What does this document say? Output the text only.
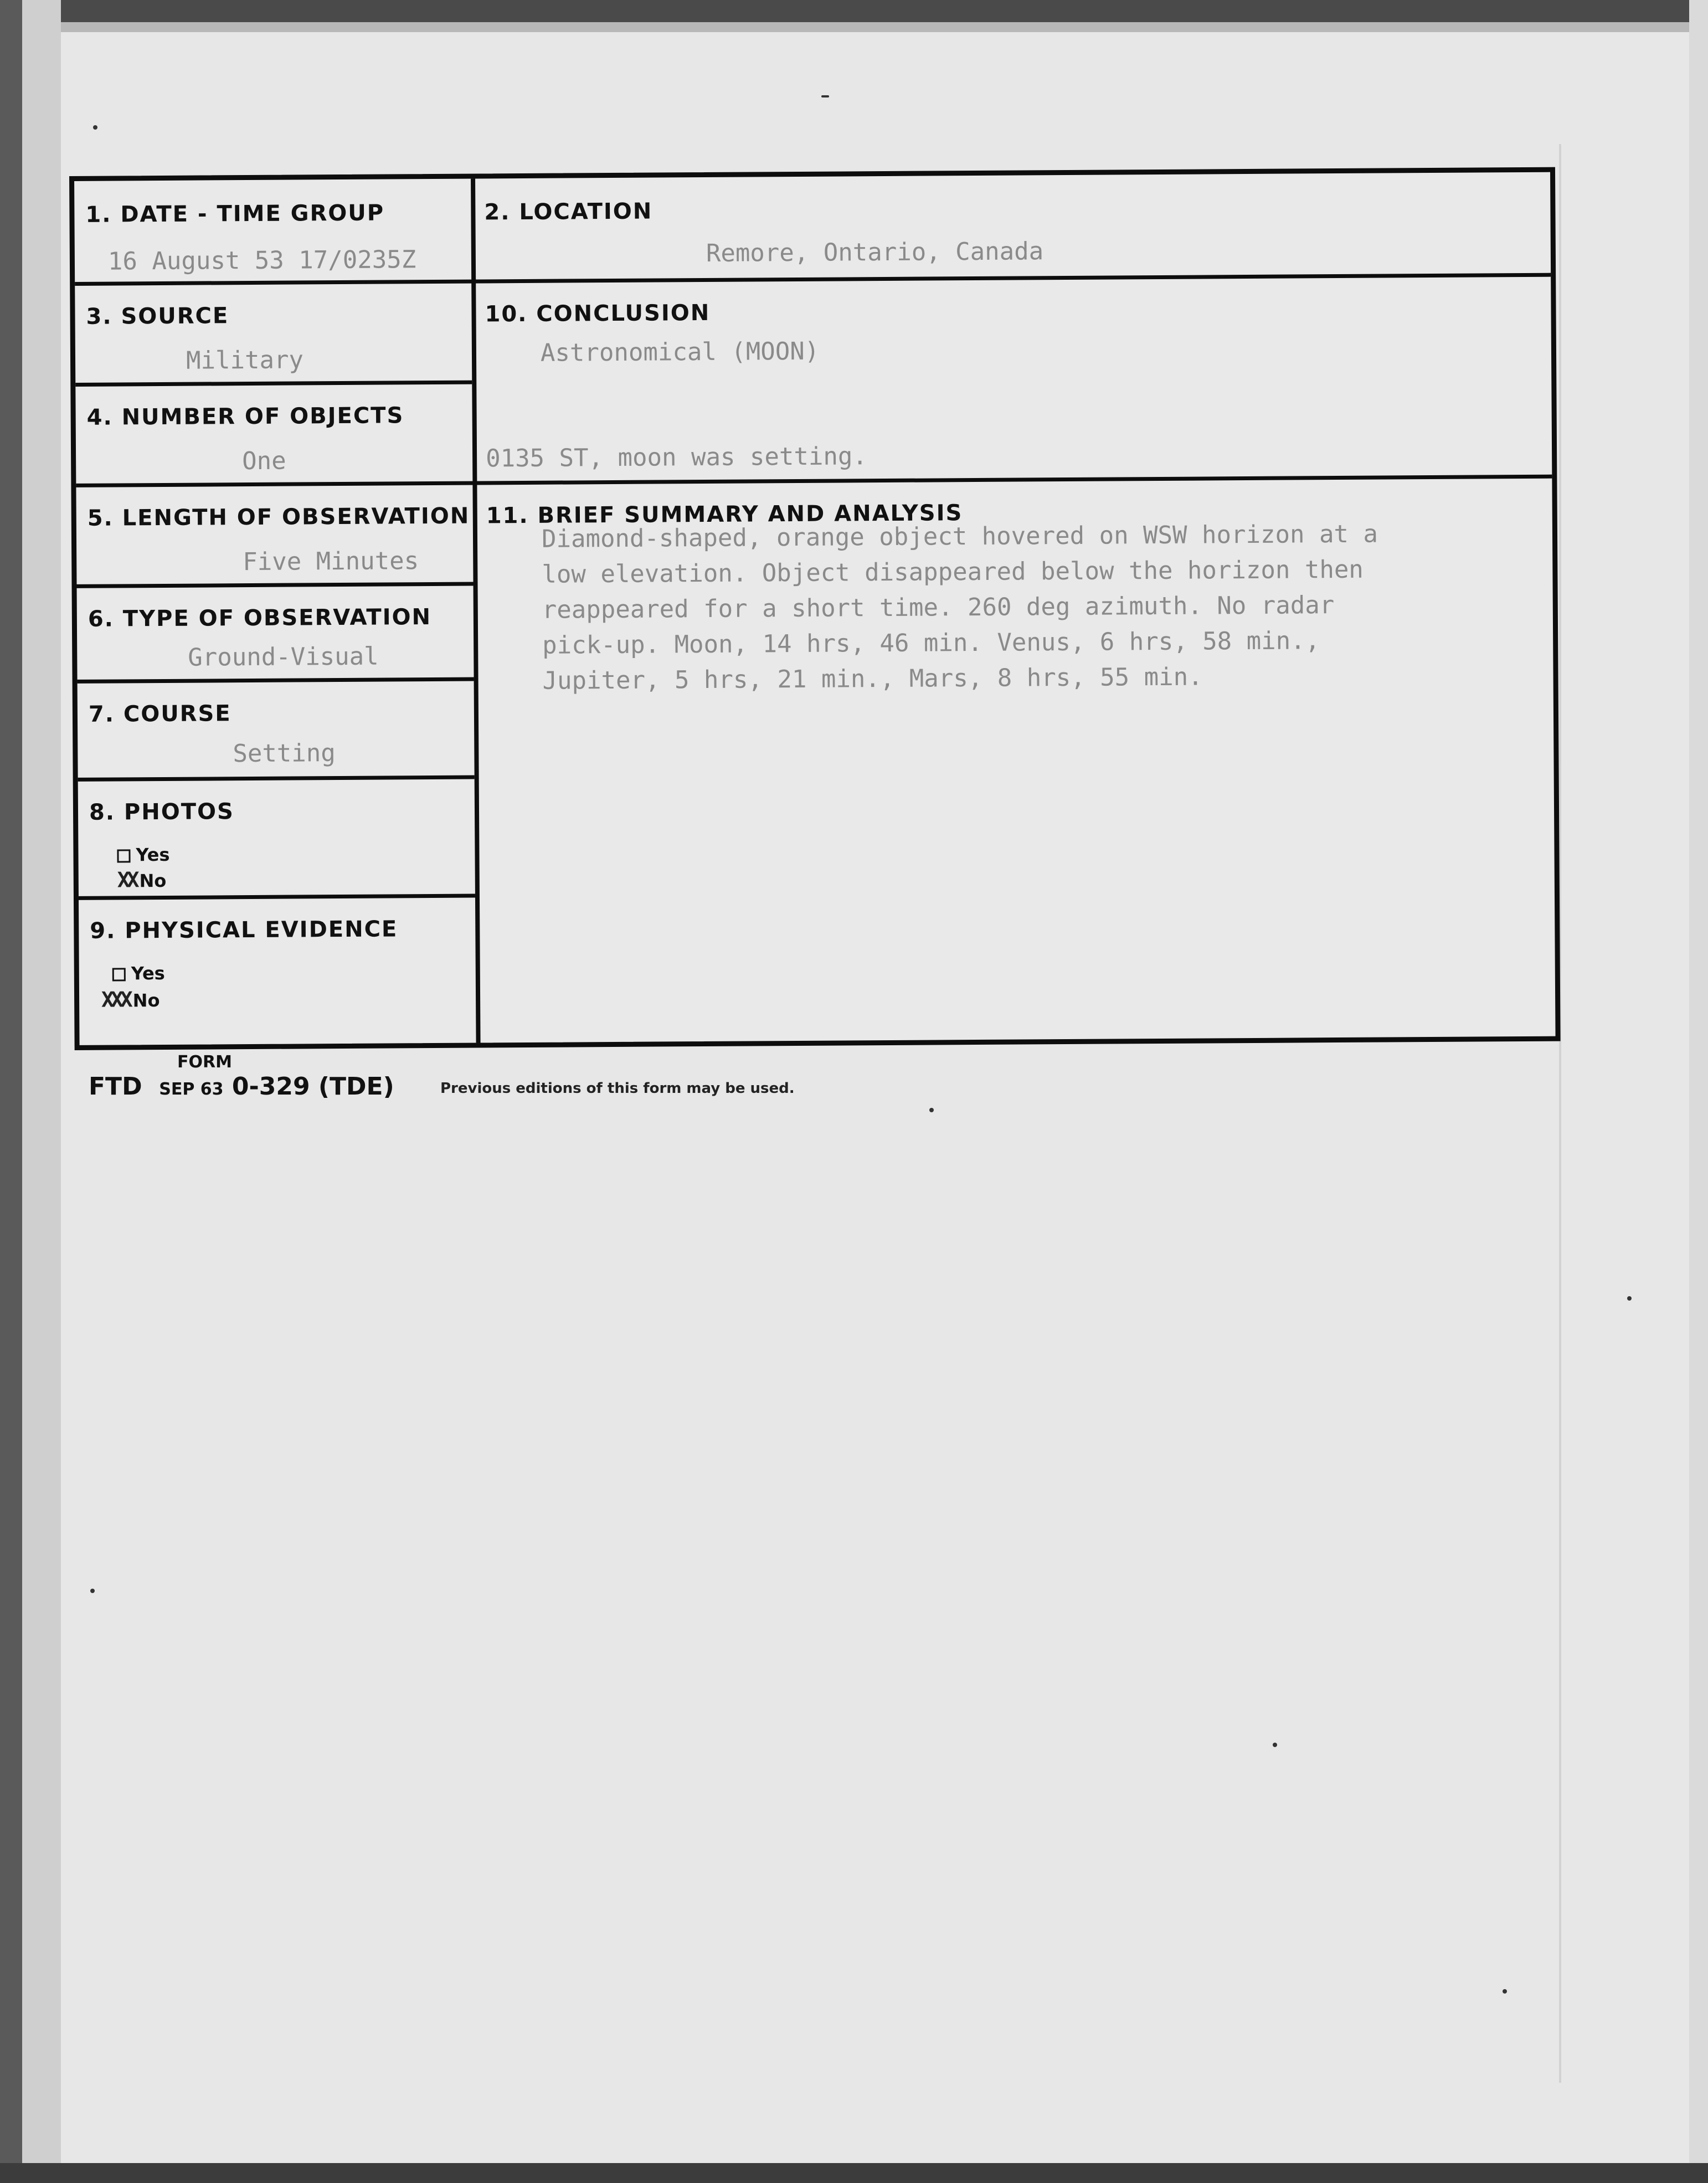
1. DATE - TIME GROUP
16 August 53 17/0235Z
2. LOCATION
Remore, Ontario, Canada
3. SOURCE
Military
10. CONCLUSION
Astronomical (MOON)
0135 ST, moon was setting.
4. NUMBER OF OBJECTS
One
5. LENGTH OF OBSERVATION
Five Minutes
11. BRIEF SUMMARY AND ANALYSIS
Diamond-shaped, orange object hovered on WSW horizon at a
low elevation. Object disappeared below the horizon then
reappeared for a short time. 260 deg azimuth. No radar
pick-up. Moon, 14 hrs, 46 min. Venus, 6 hrs, 58 min.,
Jupiter, 5 hrs, 21 min., Mars, 8 hrs, 55 min.
6. TYPE OF OBSERVATION
Ground-Visual
7. COURSE
Setting
8. PHOTOS
Yes
XX No
9. PHYSICAL EVIDENCE
Yes
XXX No
FORM
FTD SEP 63 0-329 (TDE)	Previous editions of this form may be used.
